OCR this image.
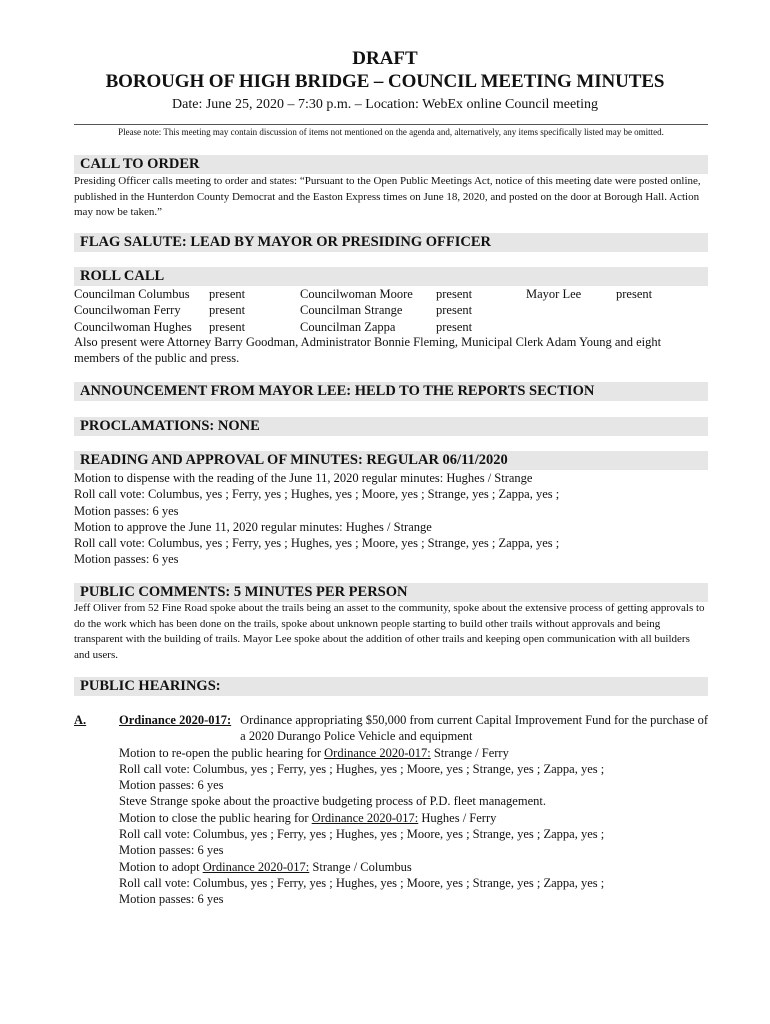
DRAFT
BOROUGH OF HIGH BRIDGE – COUNCIL MEETING MINUTES
Date: June 25, 2020 – 7:30 p.m. – Location: WebEx online Council meeting
Please note: This meeting may contain discussion of items not mentioned on the agenda and, alternatively, any items specifically listed may be omitted.
CALL TO ORDER
Presiding Officer calls meeting to order and states: “Pursuant to the Open Public Meetings Act, notice of this meeting date were posted online, published in the Hunterdon County Democrat and the Easton Express times on June 18, 2020, and posted on the door at Borough Hall. Action may now be taken.”
FLAG SALUTE: LEAD BY MAYOR OR PRESIDING OFFICER
ROLL CALL
Councilman Columbus present	Councilwoman Moore present	Mayor Lee	present
Councilwoman Ferry present	Councilman Strange	present
Councilwoman Hughes present	Councilman Zappa	present
Also present were Attorney Barry Goodman, Administrator Bonnie Fleming, Municipal Clerk Adam Young and eight members of the public and press.
ANNOUNCEMENT FROM MAYOR LEE: HELD TO THE REPORTS SECTION
PROCLAMATIONS: NONE
READING AND APPROVAL OF MINUTES: REGULAR 06/11/2020

Motion to dispense with the reading of the June 11, 2020 regular minutes: Hughes / Strange

Roll call vote: Columbus, yes ; Ferry, yes ; Hughes, yes ; Moore, yes ; Strange, yes ; Zappa, yes ;

Motion passes: 6 yes

Motion to approve the June 11, 2020 regular minutes: Hughes / Strange

Roll call vote: Columbus, yes ; Ferry, yes ; Hughes, yes ; Moore, yes ; Strange, yes ; Zappa, yes ;

Motion passes: 6 yes

PUBLIC COMMENTS: 5 MINUTES PER PERSON
Jeff Oliver from 52 Fine Road spoke about the trails being an asset to the community, spoke about the extensive process of getting approvals to do the work which has been done on the trails, spoke about unknown people starting to build other trails without approvals and being transparent with the building of trails. Mayor Lee spoke about the addition of other trails and keeping open communication with all builders and users.
PUBLIC HEARINGS:
A.	Ordinance 2020-017: Ordinance appropriating $50,000 from current Capital Improvement Fund for the purchase of a 2020 Durango Police Vehicle and equipment

Motion to re-open the public hearing for Ordinance 2020-017: Strange / Ferry

Roll call vote: Columbus, yes ; Ferry, yes ; Hughes, yes ; Moore, yes ; Strange, yes ; Zappa, yes ;

Motion passes: 6 yes

Steve Strange spoke about the proactive budgeting process of P.D. fleet management.

Motion to close the public hearing for Ordinance 2020-017: Hughes / Ferry

Roll call vote: Columbus, yes ; Ferry, yes ; Hughes, yes ; Moore, yes ; Strange, yes ; Zappa, yes ;

Motion passes: 6 yes

Motion to adopt Ordinance 2020-017: Strange / Columbus

Roll call vote: Columbus, yes ; Ferry, yes ; Hughes, yes ; Moore, yes ; Strange, yes ; Zappa, yes ;

Motion passes: 6 yes
